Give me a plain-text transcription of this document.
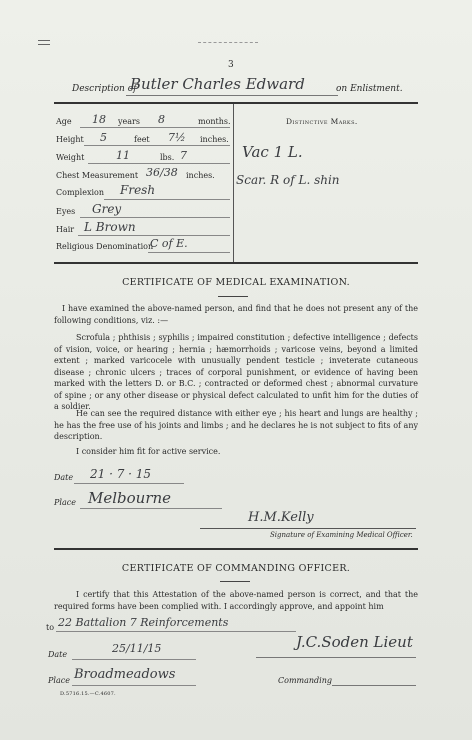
3
Description of
Butler Charles Edward	on Enlistment.
Age 18 years 8	months.
Height 5	feet 7½ inches.
Weight	11	lbs. 7
Chest Measurement 36/38 inches.
Complexion Fresh
Eyes Grey
Hair L Brown
Religious Denomination
C of E.
Distinctive Marks.
Vac 1 L.
Scar. R of L. shin
CERTIFICATE OF MEDICAL EXAMINATION.
I have examined the above-named person, and find that he does not present any of the following conditions, viz. :—
Scrofula ; phthisis ; syphilis ; impaired constitution ; defective intelligence ; defects of vision, voice, or hearing ; hernia ; hæmorrhoids ; varicose veins, beyond a limited extent ; marked varicocele with unusually pendent testicle ; inveterate cutaneous disease ; chronic ulcers ; traces of corporal punishment, or evidence of having been marked with the letters D. or B.C. ; contracted or deformed chest ; abnormal curvature of spine ; or any other disease or physical defect calculated to unfit him for the duties of a soldier.
He can see the required distance with either eye ; his heart and lungs are healthy ; he has the free use of his joints and limbs ; and he declares he is not subject to fits of any description.
I consider him fit for active service.
Date 21 · 7 · 15
Place Melbourne
H.M.Kelly
Signature of Examining Medical Officer.
CERTIFICATE OF COMMANDING OFFICER.
I certify that this Attestation of the above-named person is correct, and that the required forms have been complied with. I accordingly approve, and appoint him
to 22 Battalion 7 Reinforcements
J.C.Soden Lieut
Date	25/11/15
Place Broadmeadows	Commanding
D.5716.15.—C.4607.
